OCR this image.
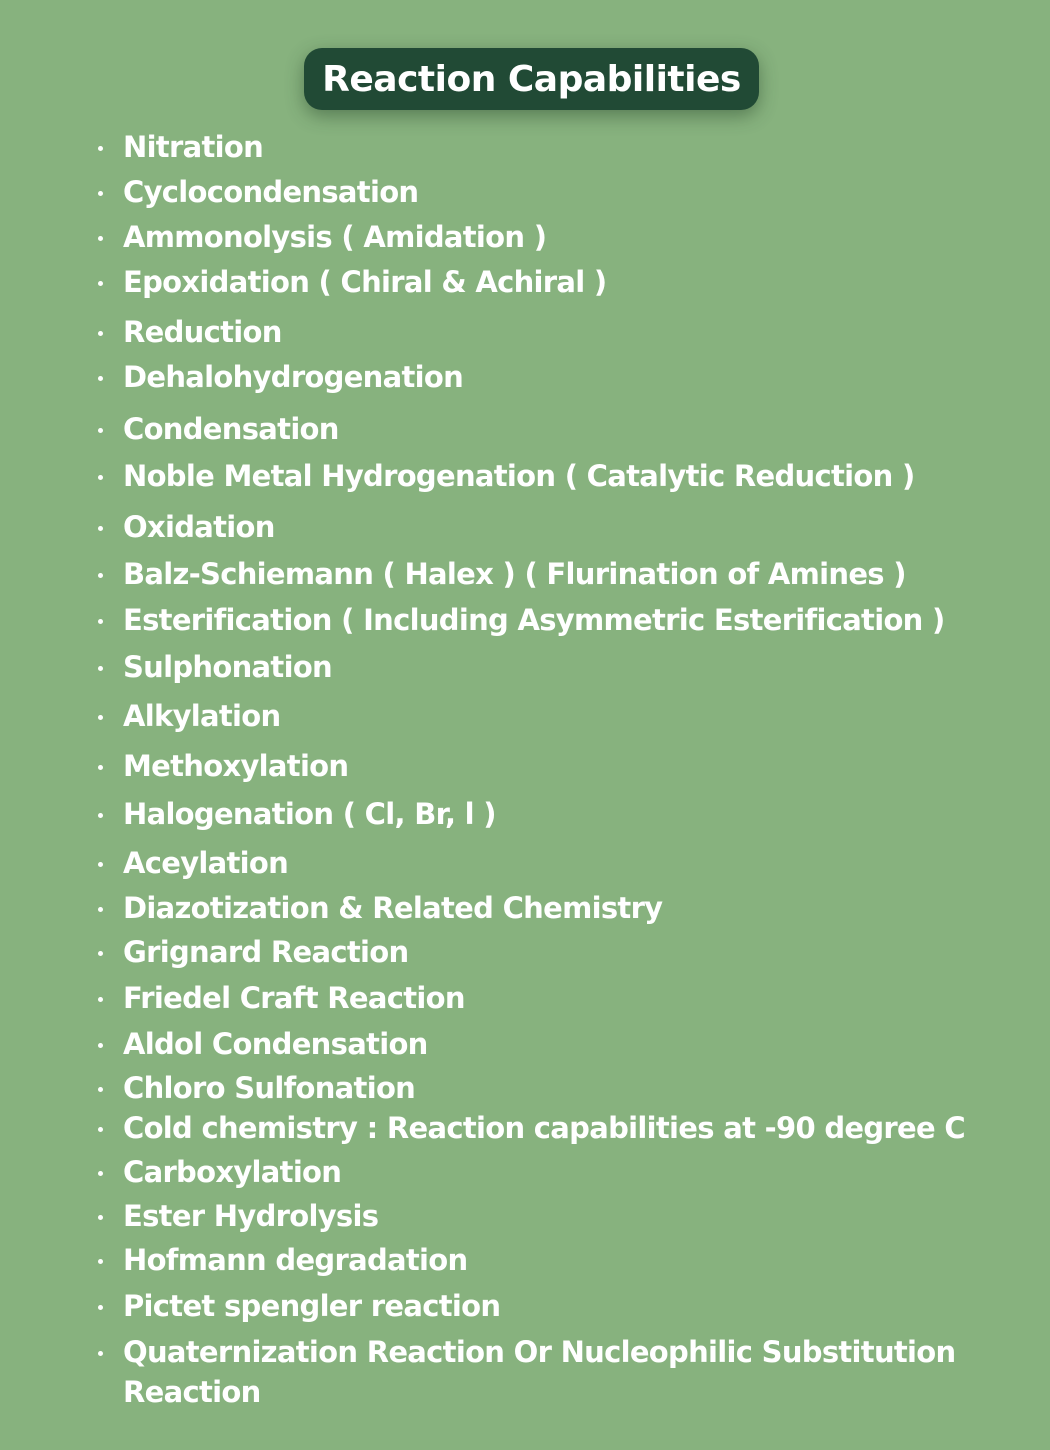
Reaction Capabilities
Nitration
Cyclocondensation
Ammonolysis ( Amidation )
Epoxidation ( Chiral & Achiral )
Reduction
Dehalohydrogenation
Condensation
Noble Metal Hydrogenation ( Catalytic Reduction )
Oxidation
Balz-Schiemann ( Halex ) ( Flurination of Amines )
Esterification ( Including Asymmetric Esterification )
Sulphonation
Alkylation
Methoxylation
Halogenation ( Cl, Br, l )
Aceylation
Diazotization & Related Chemistry
Grignard Reaction
Friedel Craft Reaction
Aldol Condensation
Chloro Sulfonation
Cold chemistry : Reaction capabilities at -90 degree C
Carboxylation
Ester Hydrolysis
Hofmann degradation
Pictet spengler reaction
Quaternization Reaction Or Nucleophilic Substitution Reaction
